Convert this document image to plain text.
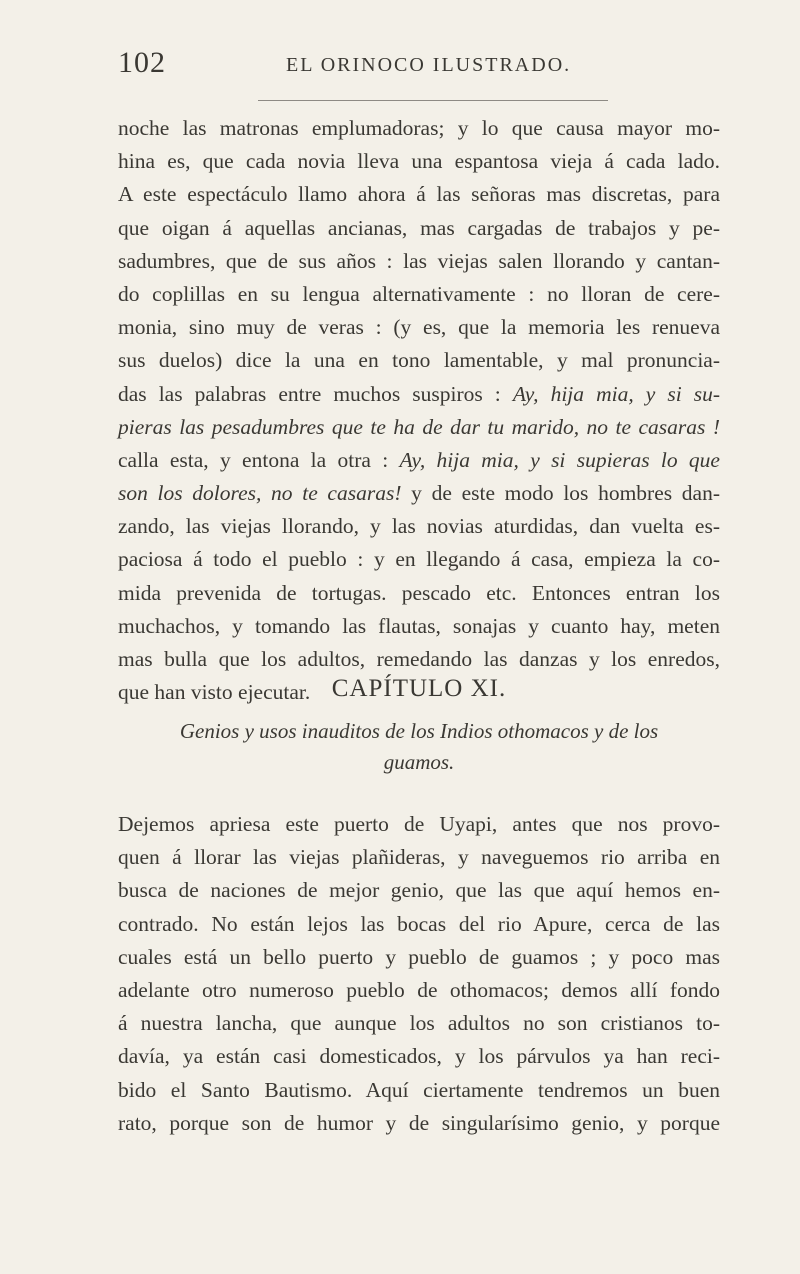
102	EL ORINOCO ILUSTRADO.
noche las matronas emplumadoras; y lo que causa mayor mo-
hina es, que cada novia lleva una espantosa vieja á cada lado.
A este espectáculo llamo ahora á las señoras mas discretas, para
que oigan á aquellas ancianas, mas cargadas de trabajos y pe-
sadumbres, que de sus años : las viejas salen llorando y cantan-
do coplillas en su lengua alternativamente : no lloran de cere-
monia, sino muy de veras : (y es, que la memoria les renueva
sus duelos) dice la una en tono lamentable, y mal pronuncia-
das las palabras entre muchos suspiros : Ay, hija mia, y si su-
pieras las pesadumbres que te ha de dar tu marido, no te casaras !
calla esta, y entona la otra : Ay, hija mia, y si supieras lo que
son los dolores, no te casaras! y de este modo los hombres dan-
zando, las viejas llorando, y las novias aturdidas, dan vuelta es-
paciosa á todo el pueblo : y en llegando á casa, empieza la co-
mida prevenida de tortugas. pescado etc. Entonces entran los
muchachos, y tomando las flautas, sonajas y cuanto hay, meten
mas bulla que los adultos, remedando las danzas y los enredos,
que han visto ejecutar. CAPÍTULO XI.
Genios y usos inauditos de los Indios othomacos y de los
guamos.
Dejemos apriesa este puerto de Uyapi, antes que nos provo-
quen á llorar las viejas plañideras, y naveguemos rio arriba en
busca de naciones de mejor genio, que las que aquí hemos en-
contrado. No están lejos las bocas del rio Apure, cerca de las
cuales está un bello puerto y pueblo de guamos ; y poco mas
adelante otro numeroso pueblo de othomacos; demos allí fondo
á nuestra lancha, que aunque los adultos no son cristianos to-
davía, ya están casi domesticados, y los párvulos ya han reci-
bido el Santo Bautismo. Aquí ciertamente tendremos un buen
rato, porque son de humor y de singularísimo genio, y porque
